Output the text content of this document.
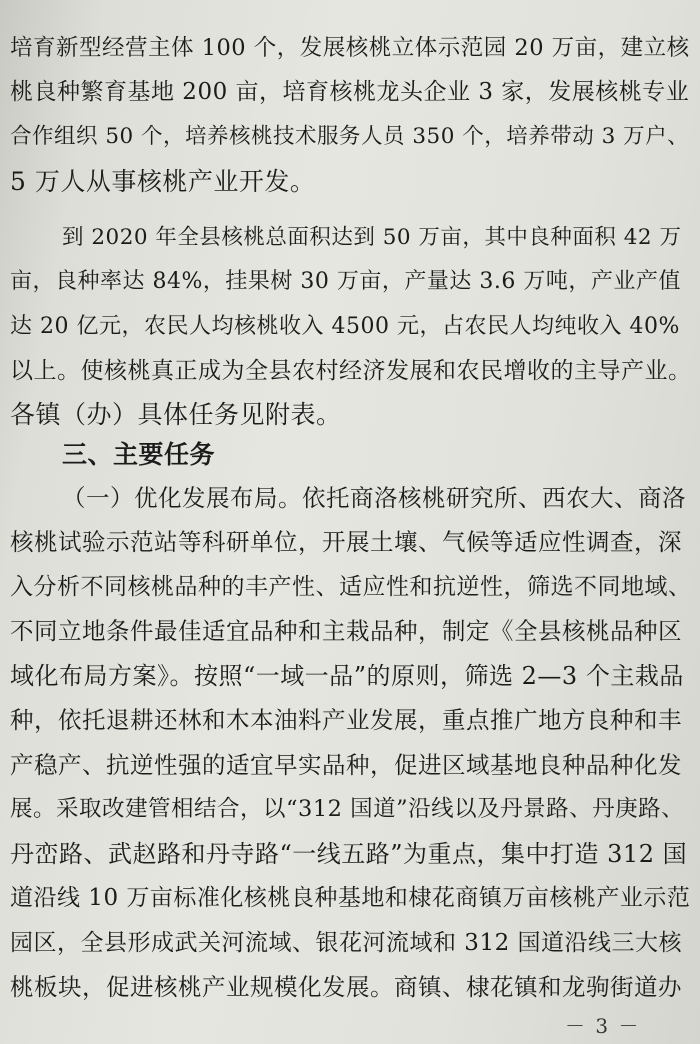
培育新型经营主体 100 个，发展核桃立体示范园 20 万亩，建立核
桃良种繁育基地 200 亩，培育核桃龙头企业 3 家，发展核桃专业
合作组织 50 个，培养核桃技术服务人员 350 个，培养带动 3 万户、
5 万人从事核桃产业开发。
到 2020 年全县核桃总面积达到 50 万亩，其中良种面积 42 万
亩，良种率达 84%，挂果树 30 万亩，产量达 3.6 万吨，产业产值
达 20 亿元，农民人均核桃收入 4500 元，占农民人均纯收入 40%
以上。使核桃真正成为全县农村经济发展和农民增收的主导产业。
各镇（办）具体任务见附表。
三、主要任务
（一）优化发展布局。依托商洛核桃研究所、西农大、商洛
核桃试验示范站等科研单位，开展土壤、气候等适应性调查，深
入分析不同核桃品种的丰产性、适应性和抗逆性，筛选不同地域、
不同立地条件最佳适宜品种和主栽品种，制定《全县核桃品种区
域化布局方案》。按照“一域一品”的原则，筛选 2—3 个主栽品
种，依托退耕还林和木本油料产业发展，重点推广地方良种和丰
产稳产、抗逆性强的适宜早实品种，促进区域基地良种品种化发
展。采取改建管相结合，以“312 国道”沿线以及丹景路、丹庚路、
丹峦路、武赵路和丹寺路“一线五路”为重点，集中打造 312 国
道沿线 10 万亩标准化核桃良种基地和棣花商镇万亩核桃产业示范
园区，全县形成武关河流域、银花河流域和 312 国道沿线三大核
桃板块，促进核桃产业规模化发展。商镇、棣花镇和龙驹街道办
－ 3 －
